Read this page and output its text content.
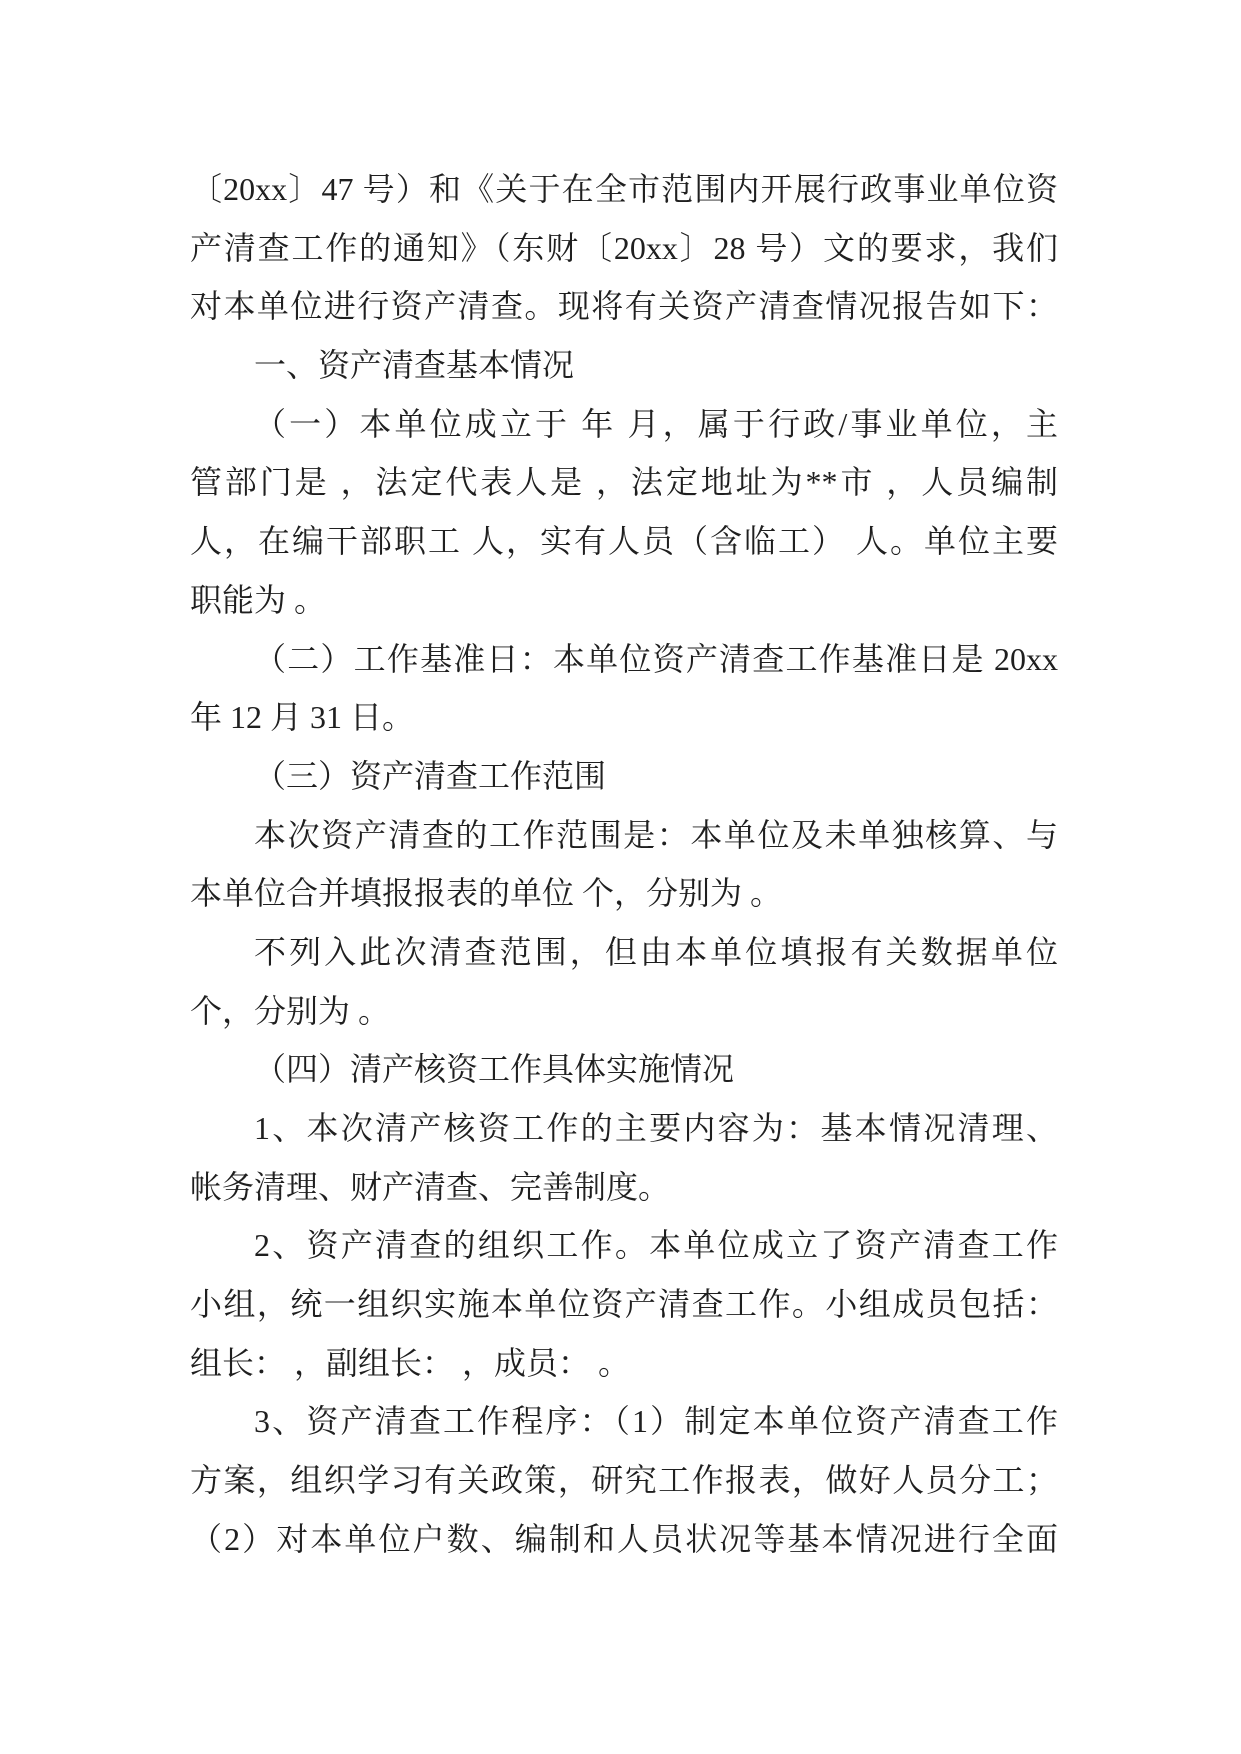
〔20xx〕47 号）和《关于在全市范围内开展行政事业单位资
产清查工作的通知》（东财〔20xx〕28 号）文的要求，我们
对本单位进行资产清查。现将有关资产清查情况报告如下：
一、资产清查基本情况
（一）本单位成立于 年 月，属于行政/事业单位，主
管部门是 ，法定代表人是 ，法定地址为**市 ，人员编制
人，在编干部职工 人，实有人员（含临工） 人。单位主要
职能为 。
（二）工作基准日：本单位资产清查工作基准日是 20xx
年 12 月 31 日。
（三）资产清查工作范围
本次资产清查的工作范围是：本单位及未单独核算、与
本单位合并填报报表的单位 个，分别为 。
不列入此次清查范围，但由本单位填报有关数据单位
个，分别为 。
（四）清产核资工作具体实施情况
1、本次清产核资工作的主要内容为：基本情况清理、
帐务清理、财产清查、完善制度。
2、资产清查的组织工作。本单位成立了资产清查工作
小组，统一组织实施本单位资产清查工作。小组成员包括：
组长： ，副组长： ，成员： 。
3、资产清查工作程序：（1）制定本单位资产清查工作
方案，组织学习有关政策，研究工作报表，做好人员分工；
（2）对本单位户数、编制和人员状况等基本情况进行全面
